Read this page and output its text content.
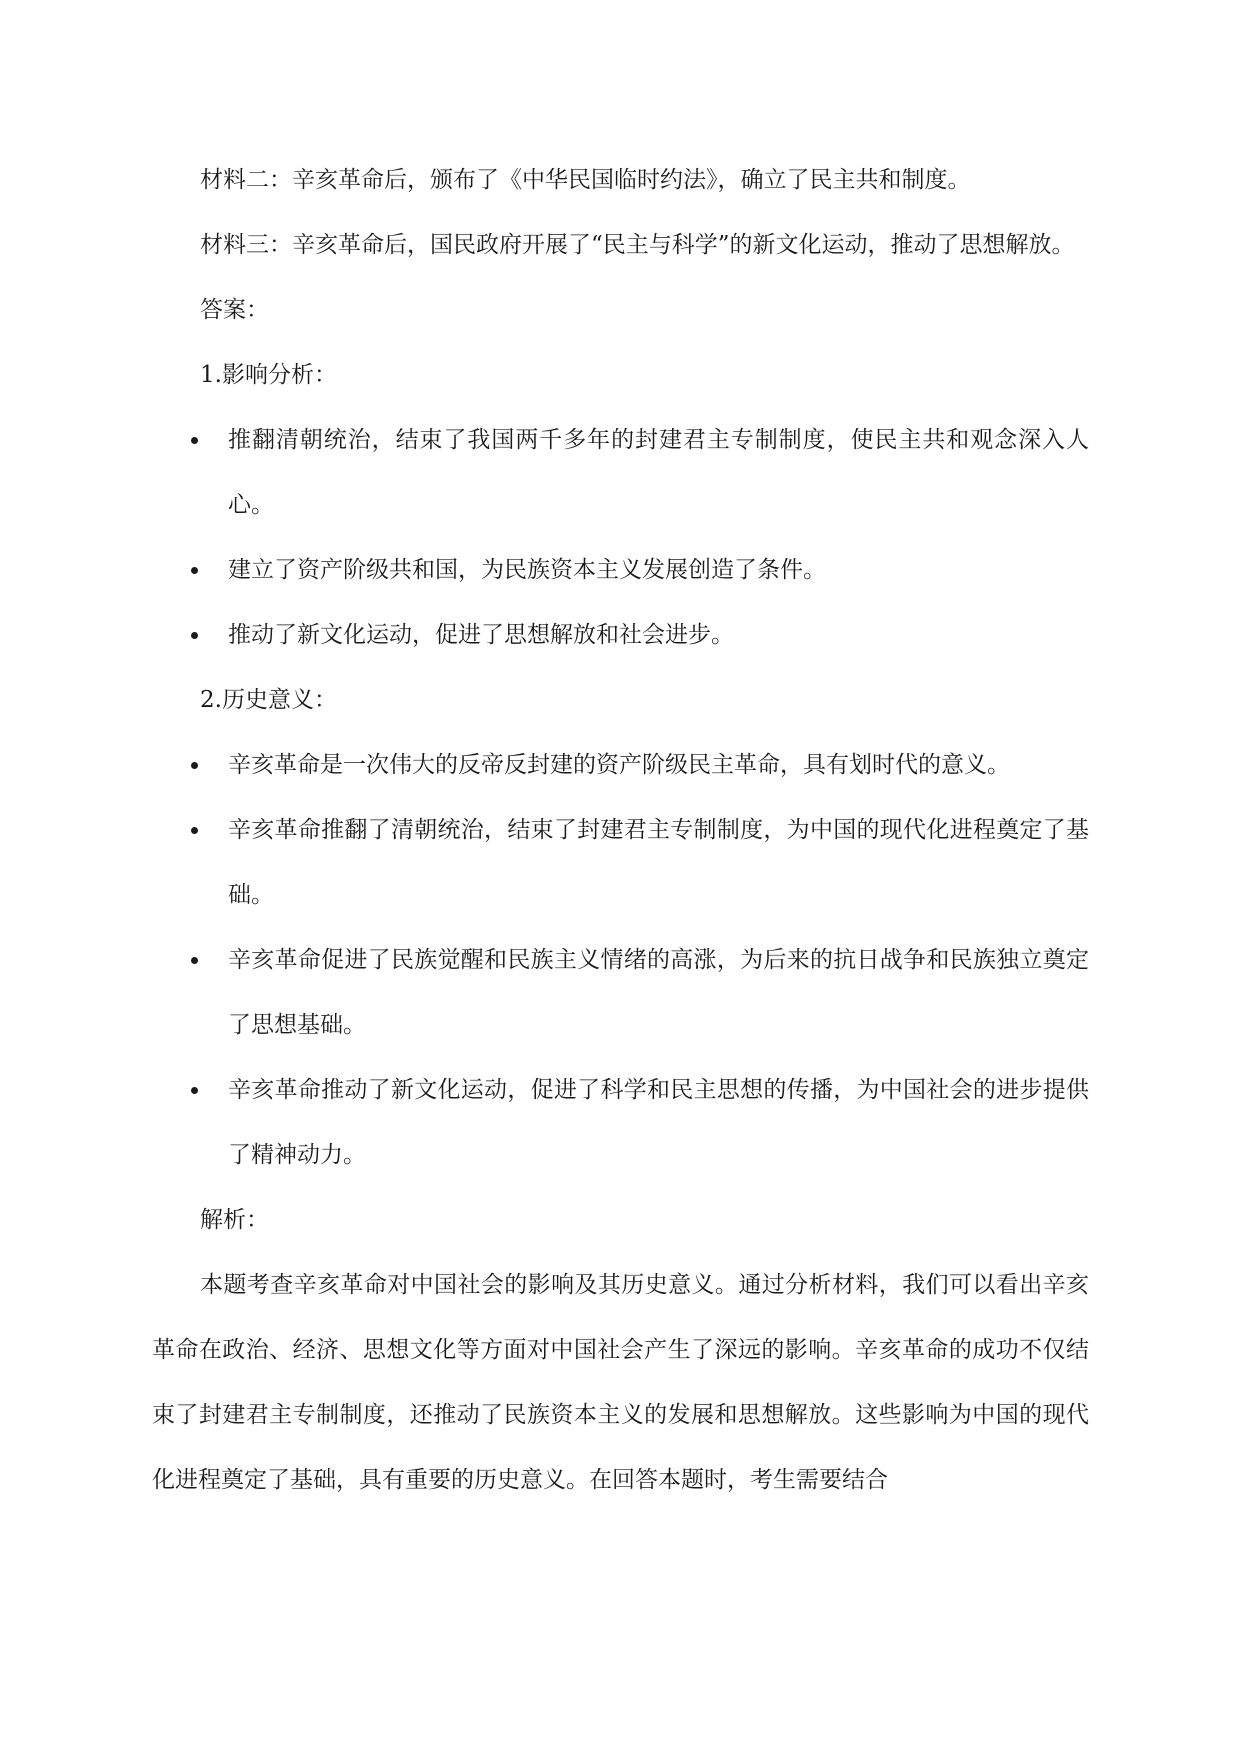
材料二：辛亥革命后，颁布了《中华民国临时约法》，确立了民主共和制度。

材料三：辛亥革命后，国民政府开展了“民主与科学”的新文化运动，推动了思想解放。

答案：

1.影响分析：

推翻清朝统治，结束了我国两千多年的封建君主专制制度，使民主共和观念深入人心。
建立了资产阶级共和国，为民族资本主义发展创造了条件。
推动了新文化运动，促进了思想解放和社会进步。

2.历史意义：

辛亥革命是一次伟大的反帝反封建的资产阶级民主革命，具有划时代的意义。
辛亥革命推翻了清朝统治，结束了封建君主专制制度，为中国的现代化进程奠定了基础。
辛亥革命促进了民族觉醒和民族主义情绪的高涨，为后来的抗日战争和民族独立奠定了思想基础。
辛亥革命推动了新文化运动，促进了科学和民主思想的传播，为中国社会的进步提供了精神动力。

解析：

本题考查辛亥革命对中国社会的影响及其历史意义。通过分析材料，我们可以看出辛亥革命在政治、经济、思想文化等方面对中国社会产生了深远的影响。辛亥革命的成功不仅结束了封建君主专制制度，还推动了民族资本主义的发展和思想解放。这些影响为中国的现代化进程奠定了基础，具有重要的历史意义。在回答本题时，考生需要结合
